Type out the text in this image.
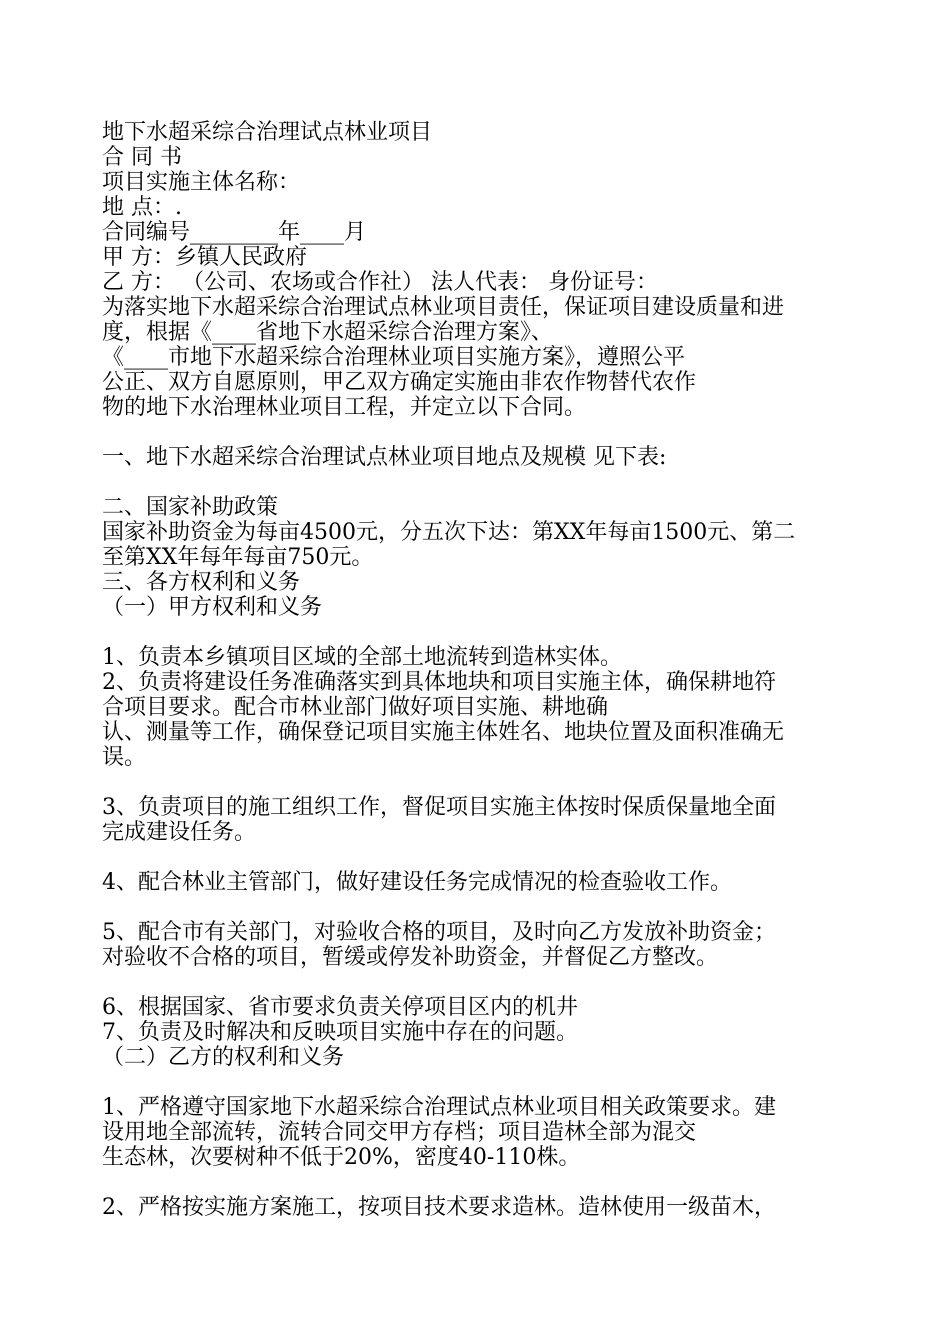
地下水超采综合治理试点林业项目
合 同 书
项目实施主体名称：
地 点：.
合同编号________年____月
甲 方：乡镇人民政府
乙 方： （公司、农场或合作社） 法人代表： 身份证号：
为落实地下水超采综合治理试点林业项目责任，保证项目建设质量和进
度，根据《____省地下水超采综合治理方案》、
《____市地下水超采综合治理林业项目实施方案》，遵照公平
公正、双方自愿原则，甲乙双方确定实施由非农作物替代农作
物的地下水治理林业项目工程，并定立以下合同。
一、地下水超采综合治理试点林业项目地点及规模 见下表:
二、国家补助政策
国家补助资金为每亩4500元，分五次下达：第XX年每亩1500元、第二
至第XX年每年每亩750元。
三、各方权利和义务
（一）甲方权利和义务
1、负责本乡镇项目区域的全部土地流转到造林实体。
2、负责将建设任务准确落实到具体地块和项目实施主体，确保耕地符
合项目要求。配合市林业部门做好项目实施、耕地确
认、测量等工作，确保登记项目实施主体姓名、地块位置及面积准确无
误。
3、负责项目的施工组织工作，督促项目实施主体按时保质保量地全面
完成建设任务。
4、配合林业主管部门，做好建设任务完成情况的检查验收工作。
5、配合市有关部门，对验收合格的项目，及时向乙方发放补助资金；
对验收不合格的项目，暂缓或停发补助资金，并督促乙方整改。
6、根据国家、省市要求负责关停项目区内的机井
7、负责及时解决和反映项目实施中存在的问题。
（二）乙方的权利和义务
1、严格遵守国家地下水超采综合治理试点林业项目相关政策要求。建
设用地全部流转，流转合同交甲方存档；项目造林全部为混交
生态林，次要树种不低于20%，密度40-110株。
2、严格按实施方案施工，按项目技术要求造林。造林使用一级苗木，
